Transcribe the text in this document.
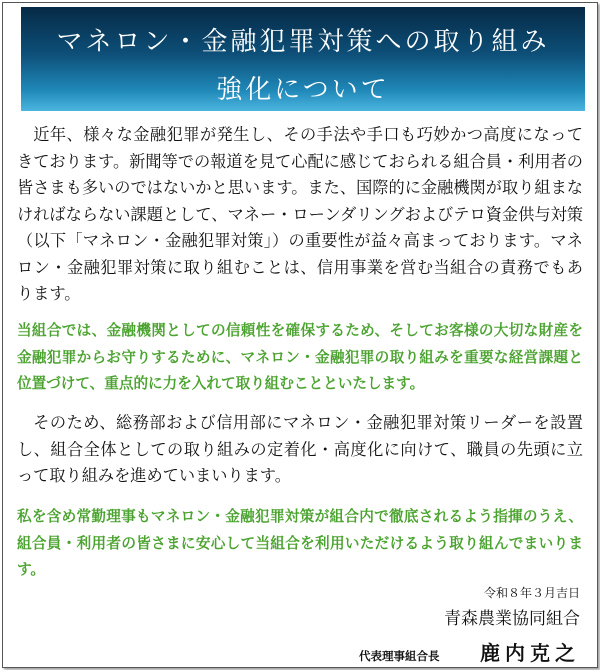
マネロン・金融犯罪対策への取り組み
強化について
近年、様々な金融犯罪が発生し、その手法や手口も巧妙かつ高度になってきております。新聞等での報道を見て心配に感じておられる組合員・利用者の皆さまも多いのではないかと思います。また、国際的に金融機関が取り組まなければならない課題として、マネー・ローンダリングおよびテロ資金供与対策（以下「マネロン・金融犯罪対策」）の重要性が益々高まっております。マネロン・金融犯罪対策に取り組むことは、信用事業を営む当組合の責務でもあります。
当組合では、金融機関としての信頼性を確保するため、そしてお客様の大切な財産を金融犯罪からお守りするために、マネロン・金融犯罪の取り組みを重要な経営課題と位置づけて、重点的に力を入れて取り組むことといたします。
そのため、総務部および信用部にマネロン・金融犯罪対策リーダーを設置し、組合全体としての取り組みの定着化・高度化に向けて、職員の先頭に立って取り組みを進めていまいります。
私を含め常勤理事もマネロン・金融犯罪対策が組合内で徹底されるよう指揮のうえ、組合員・利用者の皆さまに安心して当組合を利用いただけるよう取り組んでまいります。
令和８年３月吉日
青森農業協同組合
代表理事組合長 鹿内克之
